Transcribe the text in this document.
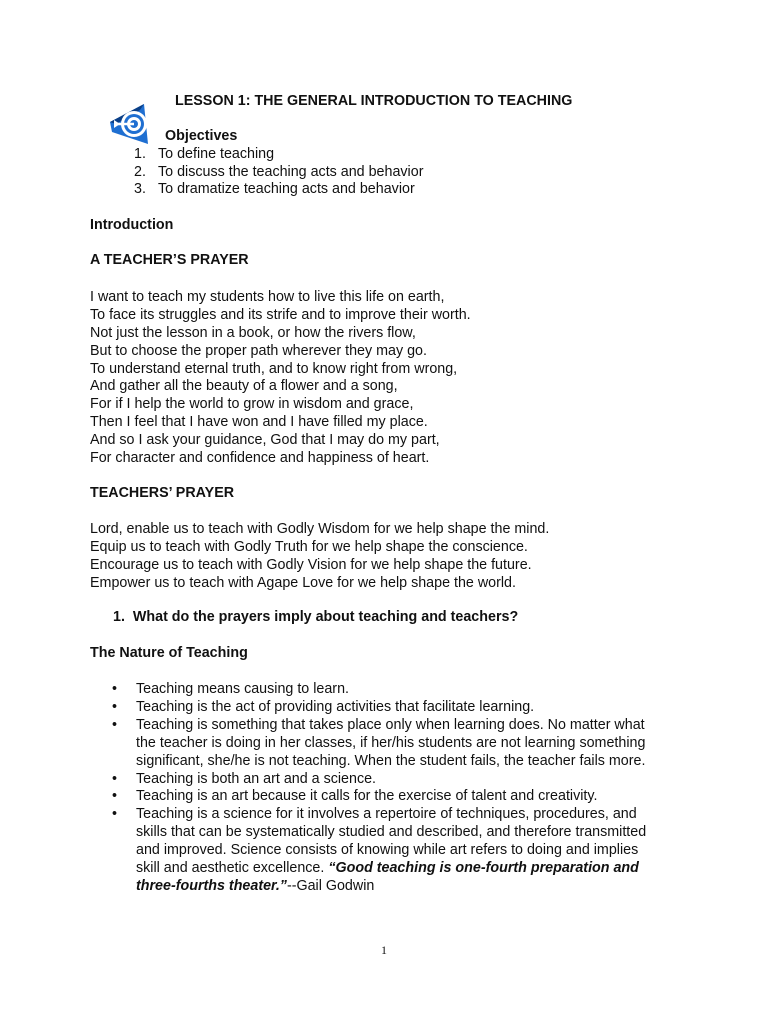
LESSON 1: THE GENERAL INTRODUCTION TO TEACHING
Objectives
1. To define teaching
2. To discuss the teaching acts and behavior
3. To dramatize teaching acts and behavior
Introduction
A TEACHER’S PRAYER
I want to teach my students how to live this life on earth,
To face its struggles and its strife and to improve their worth.
Not just the lesson in a book, or how the rivers flow,
But to choose the proper path wherever they may go.
To understand eternal truth, and to know right from wrong,
And gather all the beauty of a flower and a song,
For if I help the world to grow in wisdom and grace,
Then I feel that I have won and I have filled my place.
And so I ask your guidance, God that I may do my part,
For character and confidence and happiness of heart.
TEACHERS’ PRAYER
Lord, enable us to teach with Godly Wisdom for we help shape the mind.
Equip us to teach with Godly Truth for we help shape the conscience.
Encourage us to teach with Godly Vision for we help shape the future.
Empower us to teach with Agape Love for we help shape the world.
1. What do the prayers imply about teaching and teachers?
The Nature of Teaching
• Teaching means causing to learn.
• Teaching is the act of providing activities that facilitate learning.
• Teaching is something that takes place only when learning does. No matter what
the teacher is doing in her classes, if her/his students are not learning something
significant, she/he is not teaching. When the student fails, the teacher fails more.
• Teaching is both an art and a science.
• Teaching is an art because it calls for the exercise of talent and creativity.
• Teaching is a science for it involves a repertoire of techniques, procedures, and
skills that can be systematically studied and described, and therefore transmitted
and improved. Science consists of knowing while art refers to doing and implies
skill and aesthetic excellence. “Good teaching is one-fourth preparation and
three-fourths theater.”--Gail Godwin
1
